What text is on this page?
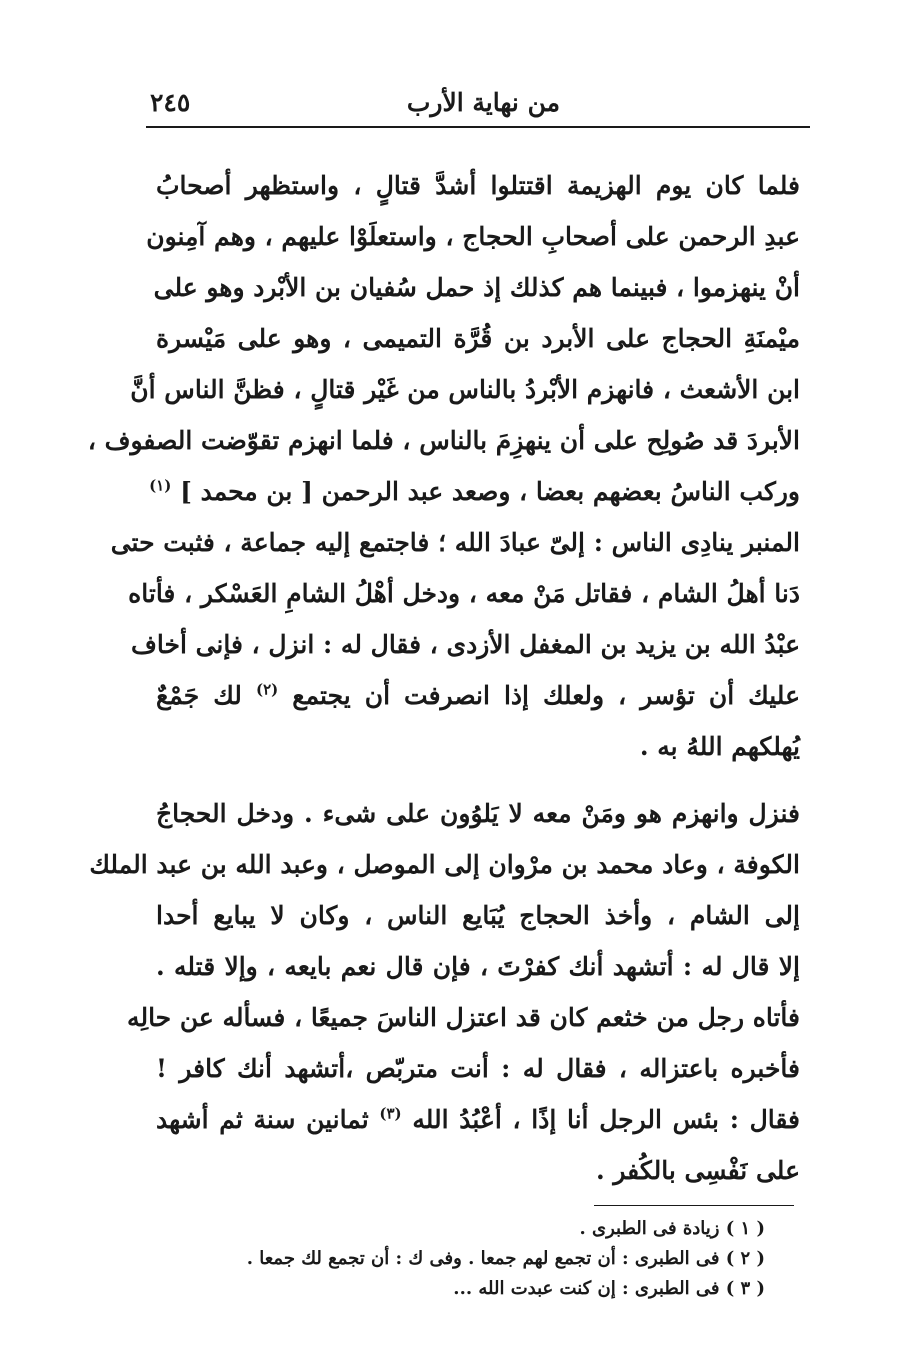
من نهاية الأرب
٢٤٥
فلما كان يوم الهزيمة اقتتلوا أشدَّ قتالٍ ، واستظهر أصحابُ
عبدِ الرحمن على أصحابِ الحجاج ، واستعلَوْا عليهم ، وهم آمِنون
أنْ ينهزموا ، فبينما هم كذلك إذ حمل سُفيان بن الأبْرد وهو على
ميْمنَةِ الحجاج على الأبرد بن قُرَّة التميمى ، وهو على مَيْسرة
ابن الأشعث ، فانهزم الأبْردُ بالناس من غَيْر قتالٍ ، فظنَّ الناس أنَّ
الأبردَ قد صُولِح على أن ينهزِمَ بالناس ، فلما انهزم تقوّضت الصفوف ،
وركب الناسُ بعضهم بعضا ، وصعد عبد الرحمن [ بن محمد ] $^{(١)}$
المنبر ينادِى الناس : إلىّ عبادَ الله ؛ فاجتمع إليه جماعة ، فثبت حتى
دَنا أهلُ الشام ، فقاتل مَنْ معه ، ودخل أهْلُ الشامِ العَسْكر ، فأتاه
عبْدُ الله بن يزيد بن المغفل الأزدى ، فقال له : انزل ، فإنى أخاف
عليك أن تؤسر ، ولعلك إذا انصرفت أن يجتمع $^{(٢)}$ لك جَمْعٌ
يُهلكهم اللهُ به .
فنزل وانهزم هو ومَنْ معه لا يَلوُون على شىء . ودخل الحجاجُ
الكوفة ، وعاد محمد بن مرْوان إلى الموصل ، وعبد الله بن عبد الملك
إلى الشام ، وأخذ الحجاج يُبَايع الناس ، وكان لا يبايع أحدا
إلا قال له : أتشهد أنك كفرْتَ ، فإن قال نعم بايعه ، وإلا قتله .
فأتاه رجل من خثعم كان قد اعتزل الناسَ جميعًا ، فسأله عن حالِه
فأخبره باعتزاله ، فقال له : أنت متربّص ،أتشهد أنك كافر !
فقال : بئس الرجل أنا إذًا ، أعْبُدُ الله $^{(٣)}$ ثمانين سنة ثم أشهد
على نَفْسِى بالكُفر .
( ١ ) زيادة فى الطبرى .
( ٢ ) فى الطبرى : أن تجمع لهم جمعا . وفى ك : أن تجمع لك جمعا .
( ٣ ) فى الطبرى : إن كنت عبدت الله ...
